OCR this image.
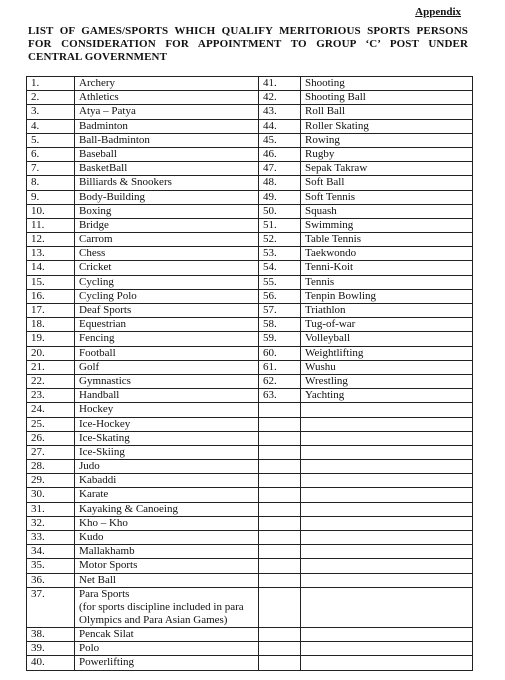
Appendix
LIST OF GAMES/SPORTS WHICH QUALIFY MERITORIOUS SPORTS PERSONS FOR CONSIDERATION FOR APPOINTMENT TO GROUP ‘C’ POST UNDER CENTRAL GOVERNMENT
1.	Archery	41.	Shooting
2.	Athletics	42.	Shooting Ball
3.	Atya – Patya	43.	Roll Ball
4.	Badminton	44.	Roller Skating
5.	Ball-Badminton	45.	Rowing
6.	Baseball	46.	Rugby
7.	BasketBall	47.	Sepak Takraw
8.	Billiards & Snookers	48.	Soft Ball
9.	Body-Building	49.	Soft Tennis
10.	Boxing	50.	Squash
11.	Bridge	51.	Swimming
12.	Carrom	52.	Table Tennis
13.	Chess	53.	Taekwondo
14.	Cricket	54.	Tenni-Koit
15.	Cycling	55.	Tennis
16.	Cycling Polo	56.	Tenpin Bowling
17.	Deaf Sports	57.	Triathlon
18.	Equestrian	58.	Tug-of-war
19.	Fencing	59.	Volleyball
20.	Football	60.	Weightlifting
21.	Golf	61.	Wushu
22.	Gymnastics	62.	Wrestling
23.	Handball	63.	Yachting
24.	Hockey		
25.	Ice-Hockey		
26.	Ice-Skating		
27.	Ice-Skiing		
28.	Judo		
29.	Kabaddi		
30.	Karate		
31.	Kayaking & Canoeing		
32.	Kho – Kho		
33.	Kudo		
34.	Mallakhamb		
35.	Motor Sports		
36.	Net Ball		
37.	Para Sports
(for sports discipline included in para Olympics and Para Asian Games)		

38.	Pencak Silat		
39.	Polo		
40.	Powerlifting		
